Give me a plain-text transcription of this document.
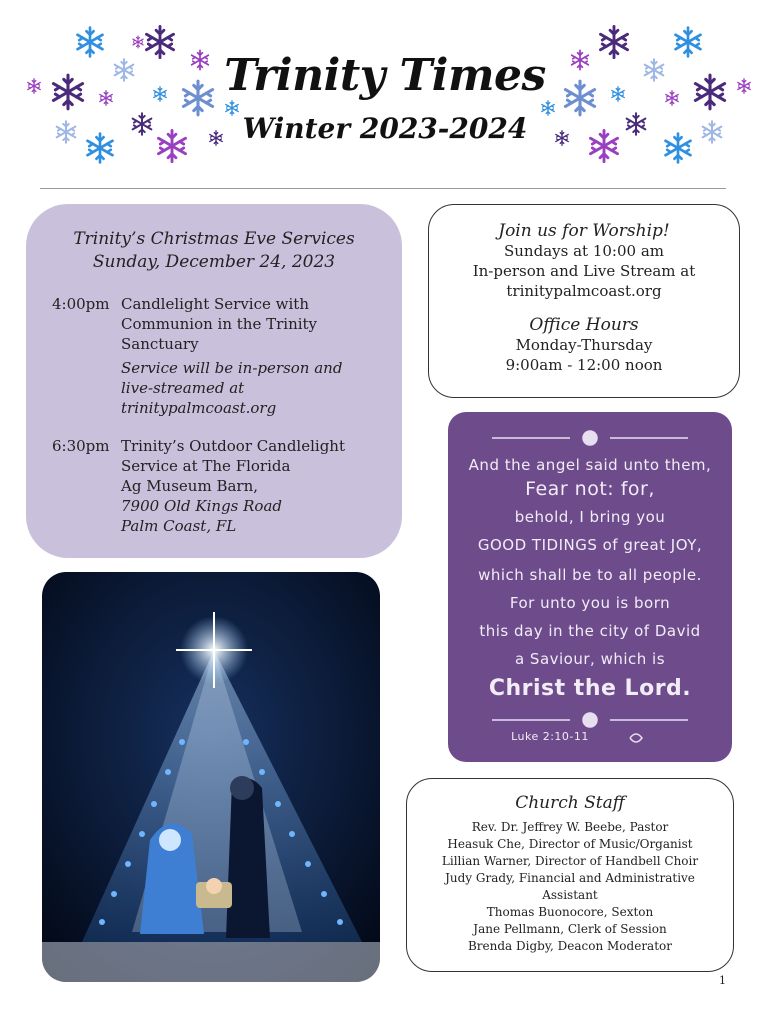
Trinity Times
Winter 2023-2024
Trinity’s Christmas Eve Services
Sunday, December 24, 2023
4:00pm Candlelight Service with
Communion in the Trinity
Sanctuary
Service will be in-person and
live-streamed at
trinitypalmcoast.org
6:30pm Trinity’s Outdoor Candlelight
Service at The Florida
Ag Museum Barn,
7900 Old Kings Road
Palm Coast, FL
Join us for Worship!
Sundays at 10:00 am
In-person and Live Stream at
trinitypalmcoast.org
Office Hours
Monday-Thursday
9:00am - 12:00 noon
And the angel said unto them,
Fear not: for,
behold, I bring you
GOOD TIDINGS of great JOY,
which shall be to all people.
For unto you is born
this day in the city of David
a Saviour, which is
Christ the Lord.
Luke 2:10-11
Church Staff
Rev. Dr. Jeffrey W. Beebe, Pastor
Heasuk Che, Director of Music/Organist
Lillian Warner, Director of Handbell Choir
Judy Grady, Financial and Administrative
Assistant
Thomas Buonocore, Sexton
Jane Pellmann, Clerk of Session
Brenda Digby, Deacon Moderator
1
